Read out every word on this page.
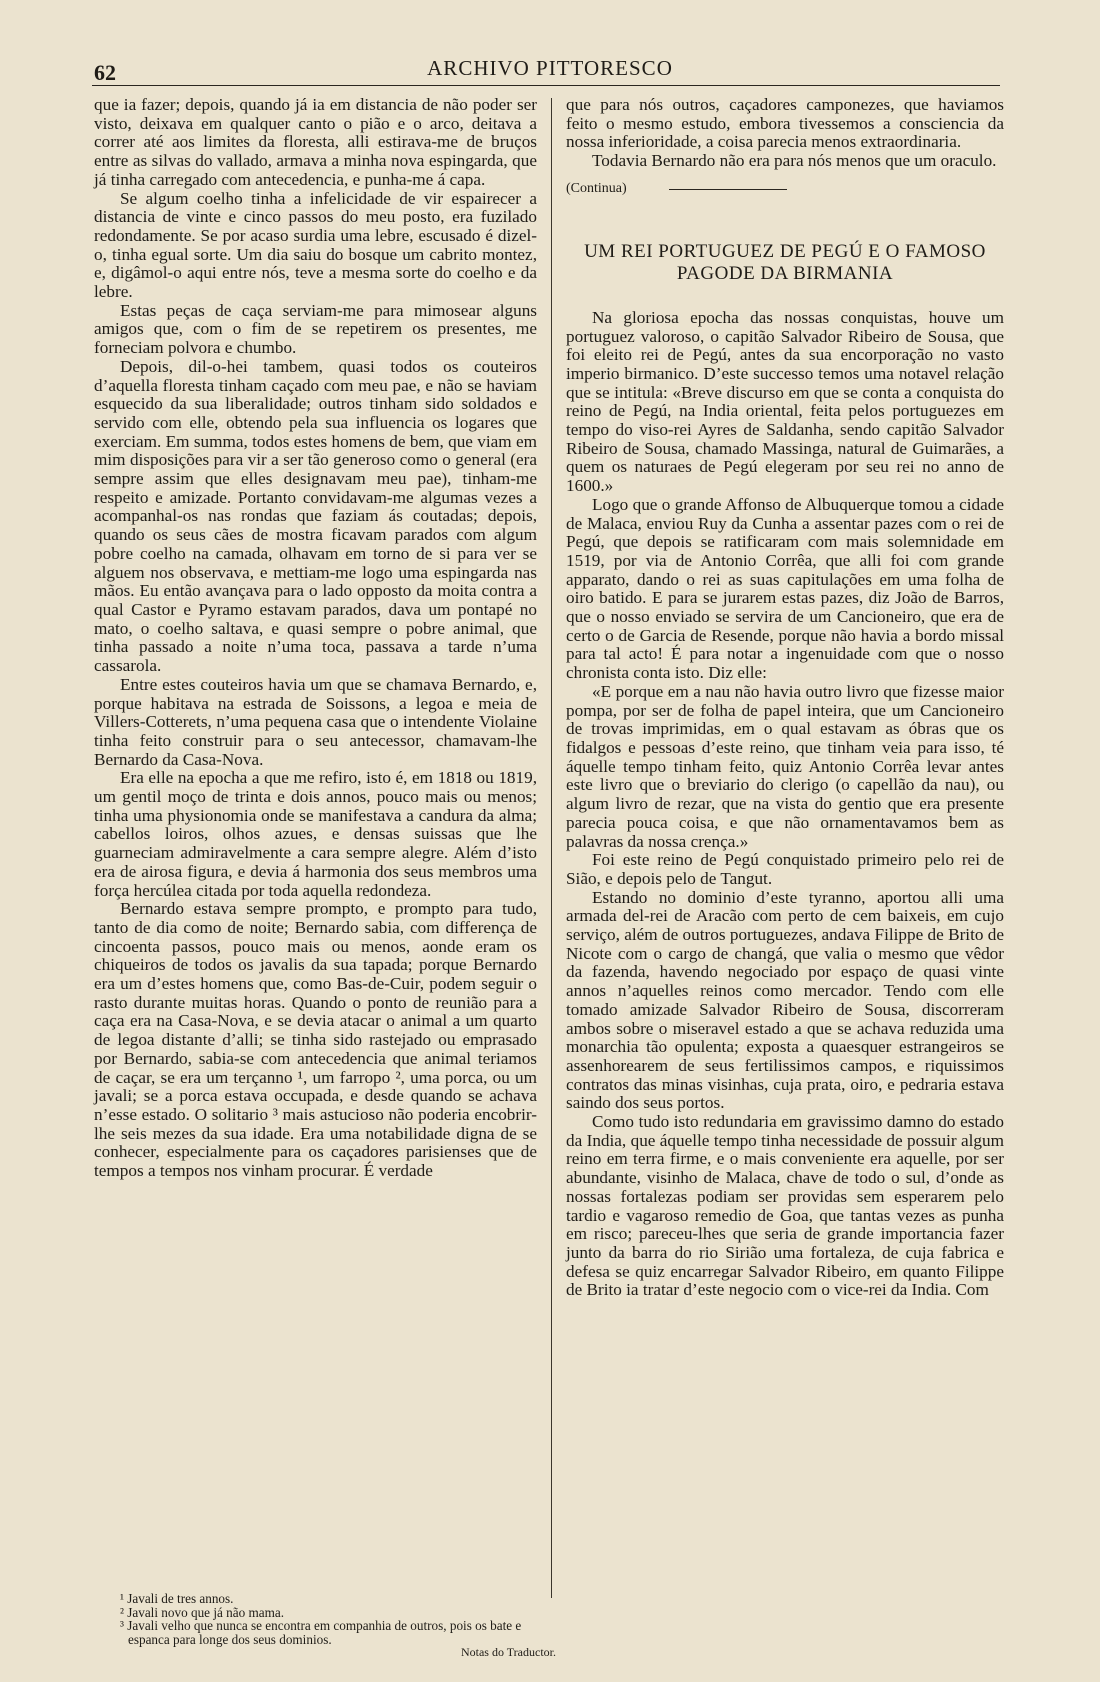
62	ARCHIVO PITTORESCO

que ia fazer; depois, quando já ia em distancia de não poder ser visto, deixava em qualquer canto o pião e o arco, deitava a correr até aos limites da floresta, alli estirava-me de bruços entre as silvas do vallado, armava a minha nova espingarda, que já tinha carregado com antecedencia, e punha-me á capa.

Se algum coelho tinha a infelicidade de vir espairecer a distancia de vinte e cinco passos do meu posto, era fuzilado redondamente. Se por acaso surdia uma lebre, escusado é dizel-o, tinha egual sorte. Um dia saiu do bosque um cabrito montez, e, digâmol-o aqui entre nós, teve a mesma sorte do coelho e da lebre.

Estas peças de caça serviam-me para mimosear alguns amigos que, com o fim de se repetirem os presentes, me forneciam polvora e chumbo.

Depois, dil-o-hei tambem, quasi todos os couteiros d’aquella floresta tinham caçado com meu pae, e não se haviam esquecido da sua liberalidade; outros tinham sido soldados e servido com elle, obtendo pela sua influencia os logares que exerciam. Em summa, todos estes homens de bem, que viam em mim disposições para vir a ser tão generoso como o general (era sempre assim que elles designavam meu pae), tinham-me respeito e amizade. Portanto convidavam-me algumas vezes a acompanhal-os nas rondas que faziam ás coutadas; depois, quando os seus cães de mostra ficavam parados com algum pobre coelho na camada, olhavam em torno de si para ver se alguem nos observava, e mettiam-me logo uma espingarda nas mãos. Eu então avançava para o lado opposto da moita contra a qual Castor e Pyramo estavam parados, dava um pontapé no mato, o coelho saltava, e quasi sempre o pobre animal, que tinha passado a noite n’uma toca, passava a tarde n’uma cassarola.

Entre estes couteiros havia um que se chamava Bernardo, e, porque habitava na estrada de Soissons, a legoa e meia de Villers-Cotterets, n’uma pequena casa que o intendente Violaine tinha feito construir para o seu antecessor, chamavam-lhe Bernardo da Casa-Nova.

Era elle na epocha a que me refiro, isto é, em 1818 ou 1819, um gentil moço de trinta e dois annos, pouco mais ou menos; tinha uma physionomia onde se manifestava a candura da alma; cabellos loiros, olhos azues, e densas suissas que lhe guarneciam admiravelmente a cara sempre alegre. Além d’isto era de airosa figura, e devia á harmonia dos seus membros uma força hercúlea citada por toda aquella redondeza.

Bernardo estava sempre prompto, e prompto para tudo, tanto de dia como de noite; Bernardo sabia, com differença de cincoenta passos, pouco mais ou menos, aonde eram os chiqueiros de todos os javalis da sua tapada; porque Bernardo era um d’estes homens que, como Bas-de-Cuir, podem seguir o rasto durante muitas horas. Quando o ponto de reunião para a caça era na Casa-Nova, e se devia atacar o animal a um quarto de legoa distante d’alli; se tinha sido rastejado ou emprasado por Bernardo, sabia-se com antecedencia que animal teriamos de caçar, se era um terçanno ¹, um farropo ², uma porca, ou um javali; se a porca estava occupada, e desde quando se achava n’esse estado. O solitario ³ mais astucioso não poderia encobrir-lhe seis mezes da sua idade. Era uma notabilidade digna de se conhecer, especialmente para os caçadores parisienses que de tempos a tempos nos vinham procurar. É verdade

que para nós outros, caçadores camponezes, que haviamos feito o mesmo estudo, embora tivessemos a consciencia da nossa inferioridade, a coisa parecia menos extraordinaria.

Todavia Bernardo não era para nós menos que um oraculo.

(Continua)
UM REI PORTUGUEZ DE PEGÚ E O FAMOSO
PAGODE DA BIRMANIA

Na gloriosa epocha das nossas conquistas, houve um portuguez valoroso, o capitão Salvador Ribeiro de Sousa, que foi eleito rei de Pegú, antes da sua encorporação no vasto imperio birmanico. D’este successo temos uma notavel relação que se intitula: «Breve discurso em que se conta a conquista do reino de Pegú, na India oriental, feita pelos portuguezes em tempo do viso-rei Ayres de Saldanha, sendo capitão Salvador Ribeiro de Sousa, chamado Massinga, natural de Guimarães, a quem os naturaes de Pegú elegeram por seu rei no anno de 1600.»

Logo que o grande Affonso de Albuquerque tomou a cidade de Malaca, enviou Ruy da Cunha a assentar pazes com o rei de Pegú, que depois se ratificaram com mais solemnidade em 1519, por via de Antonio Corrêa, que alli foi com grande apparato, dando o rei as suas capitulações em uma folha de oiro batido. E para se jurarem estas pazes, diz João de Barros, que o nosso enviado se servira de um Cancioneiro, que era de certo o de Garcia de Resende, porque não havia a bordo missal para tal acto! É para notar a ingenuidade com que o nosso chronista conta isto. Diz elle:

«E porque em a nau não havia outro livro que fizesse maior pompa, por ser de folha de papel inteira, que um Cancioneiro de trovas imprimidas, em o qual estavam as óbras que os fidalgos e pessoas d’este reino, que tinham veia para isso, té áquelle tempo tinham feito, quiz Antonio Corrêa levar antes este livro que o breviario do clerigo (o capellão da nau), ou algum livro de rezar, que na vista do gentio que era presente parecia pouca coisa, e que não ornamentavamos bem as palavras da nossa crença.»

Foi este reino de Pegú conquistado primeiro pelo rei de Sião, e depois pelo de Tangut.

Estando no dominio d’este tyranno, aportou alli uma armada del-rei de Aracão com perto de cem baixeis, em cujo serviço, além de outros portuguezes, andava Filippe de Brito de Nicote com o cargo de changá, que valia o mesmo que vêdor da fazenda, havendo negociado por espaço de quasi vinte annos n’aquelles reinos como mercador. Tendo com elle tomado amizade Salvador Ribeiro de Sousa, discorreram ambos sobre o miseravel estado a que se achava reduzida uma monarchia tão opulenta; exposta a quaesquer estrangeiros se assenhorearem de seus fertilissimos campos, e riquissimos contratos das minas visinhas, cuja prata, oiro, e pedraria estava saindo dos seus portos.

Como tudo isto redundaria em gravissimo damno do estado da India, que áquelle tempo tinha necessidade de possuir algum reino em terra firme, e o mais conveniente era aquelle, por ser abundante, visinho de Malaca, chave de todo o sul, d’onde as nossas fortalezas podiam ser providas sem esperarem pelo tardio e vagaroso remedio de Goa, que tantas vezes as punha em risco; pareceu-lhes que seria de grande importancia fazer junto da barra do rio Sirião uma fortaleza, de cuja fabrica e defesa se quiz encarregar Salvador Ribeiro, em quanto Filippe de Brito ia tratar d’este negocio com o vice-rei da India. Com

¹ Javali de tres annos.

² Javali novo que já não mama.

³ Javali velho que nunca se encontra em companhia de outros, pois os bate e espanca para longe dos seus dominios.

Notas do Traductor.
